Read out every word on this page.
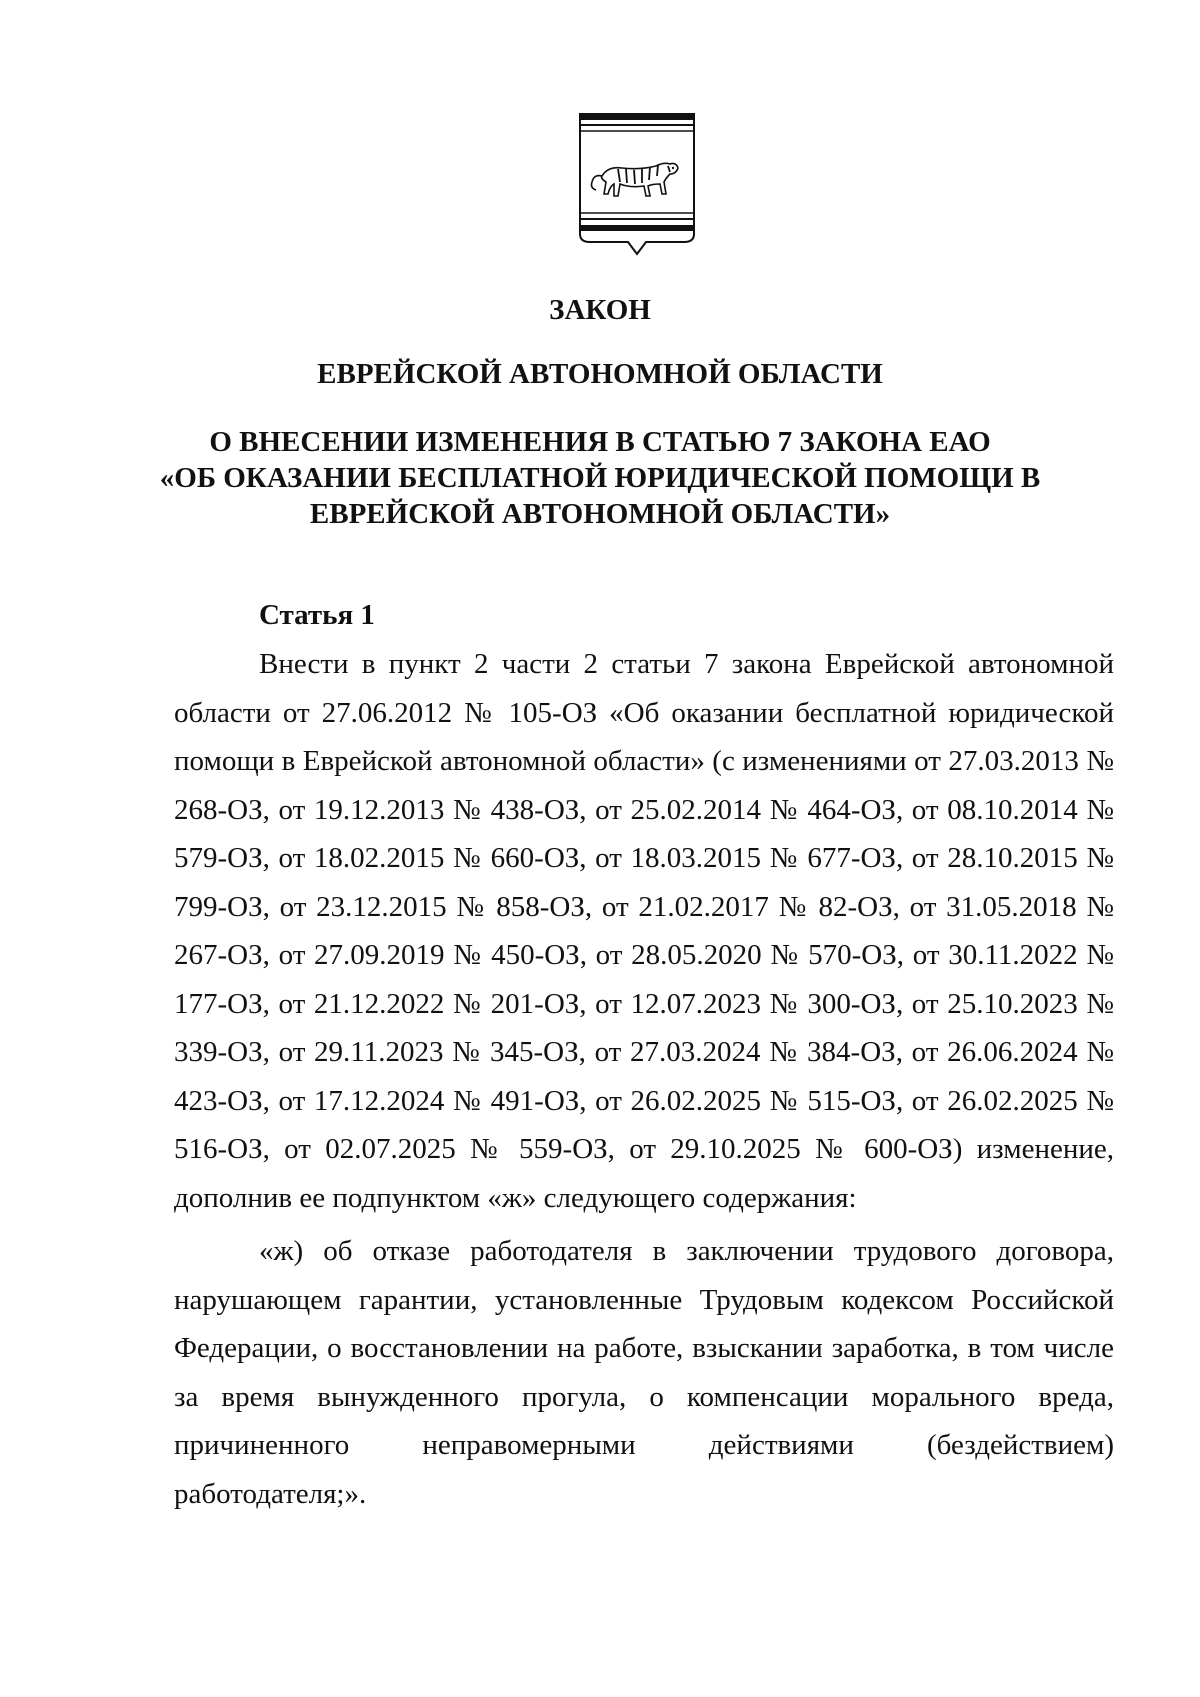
ЗАКОН
ЕВРЕЙСКОЙ АВТОНОМНОЙ ОБЛАСТИ
О ВНЕСЕНИИ ИЗМЕНЕНИЯ В СТАТЬЮ 7 ЗАКОНА ЕАО
«ОБ ОКАЗАНИИ БЕСПЛАТНОЙ ЮРИДИЧЕСКОЙ ПОМОЩИ В
ЕВРЕЙСКОЙ АВТОНОМНОЙ ОБЛАСТИ»
Статья 1

Внести в пункт 2 части 2 статьи 7 закона Еврейской автономной области от 27.06.2012 № 105-ОЗ «Об оказании бесплатной юридической помощи в Еврейской автономной области» (с изменениями от 27.03.2013 № 268-ОЗ, от 19.12.2013 № 438-ОЗ, от 25.02.2014 № 464-ОЗ, от 08.10.2014 № 579-ОЗ, от 18.02.2015 № 660-ОЗ, от 18.03.2015 № 677-ОЗ, от 28.10.2015 № 799-ОЗ, от 23.12.2015 № 858-ОЗ, от 21.02.2017 № 82-ОЗ, от 31.05.2018 № 267-ОЗ, от 27.09.2019 № 450-ОЗ, от 28.05.2020 № 570-ОЗ, от 30.11.2022 № 177-ОЗ, от 21.12.2022 № 201-ОЗ, от 12.07.2023 № 300-ОЗ, от 25.10.2023 № 339-ОЗ, от 29.11.2023 № 345-ОЗ, от 27.03.2024 № 384-ОЗ, от 26.06.2024 № 423-ОЗ, от 17.12.2024 № 491-ОЗ, от 26.02.2025 № 515-ОЗ, от 26.02.2025 № 516-ОЗ, от 02.07.2025 № 559-ОЗ, от 29.10.2025 № 600-ОЗ) изменение, дополнив ее подпунктом «ж» следующего содержания:

«ж) об отказе работодателя в заключении трудового договора, нарушающем гарантии, установленные Трудовым кодексом Российской Федерации, о восстановлении на работе, взыскании заработка, в том числе за время вынужденного прогула, о компенсации морального вреда, причиненного неправомерными действиями (бездействием) работодателя;».
